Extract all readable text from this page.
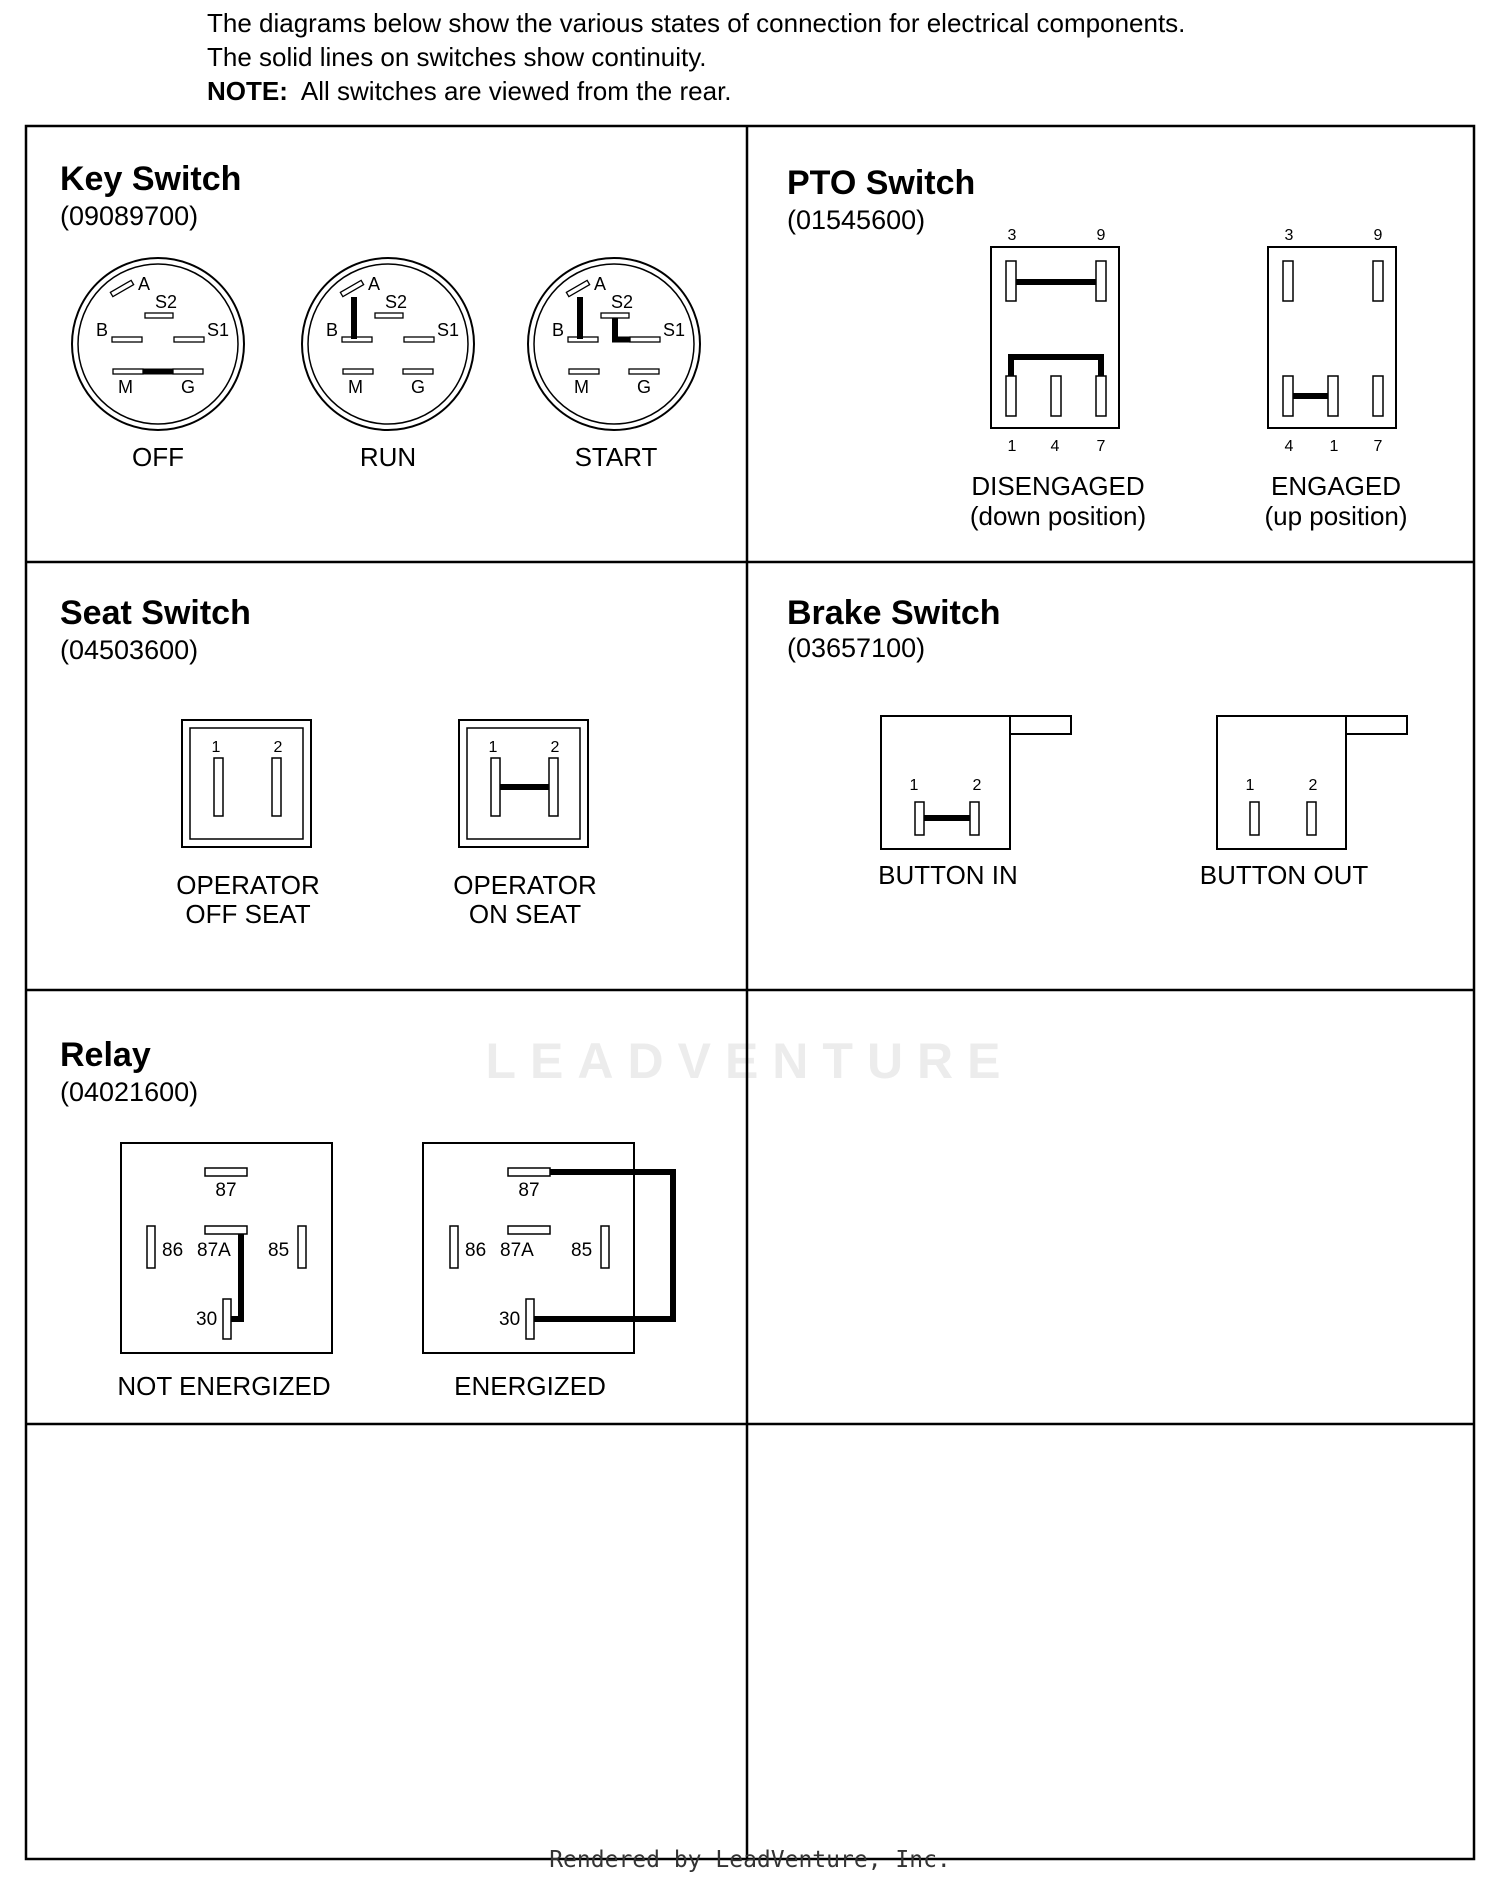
The diagrams below show the various states of connection for electrical components.
The solid lines on switches show continuity.
NOTE: All switches are viewed from the rear.
LEADVENTURE
Key Switch
(09089700)
A
S2
B	S1
M	G
OFF
A
S2
B	S1
M	G
RUN
A
S2
B	S1
M	G
START
PTO Switch
(01545600)
3	9
1 4 7
DISENGAGED
(down position)
3	9
4 1 7
ENGAGED
(up position)
Seat Switch
(04503600)
1	2
OPERATOR
OFF SEAT
1	2
OPERATOR
ON SEAT
Brake Switch
(03657100)
1	2
BUTTON IN
1	2
BUTTON OUT
Relay
(04021600)
87
86 87A 85
30
NOT ENERGIZED
87
86 87A 85
30
ENERGIZED
Rendered by LeadVenture, Inc.
